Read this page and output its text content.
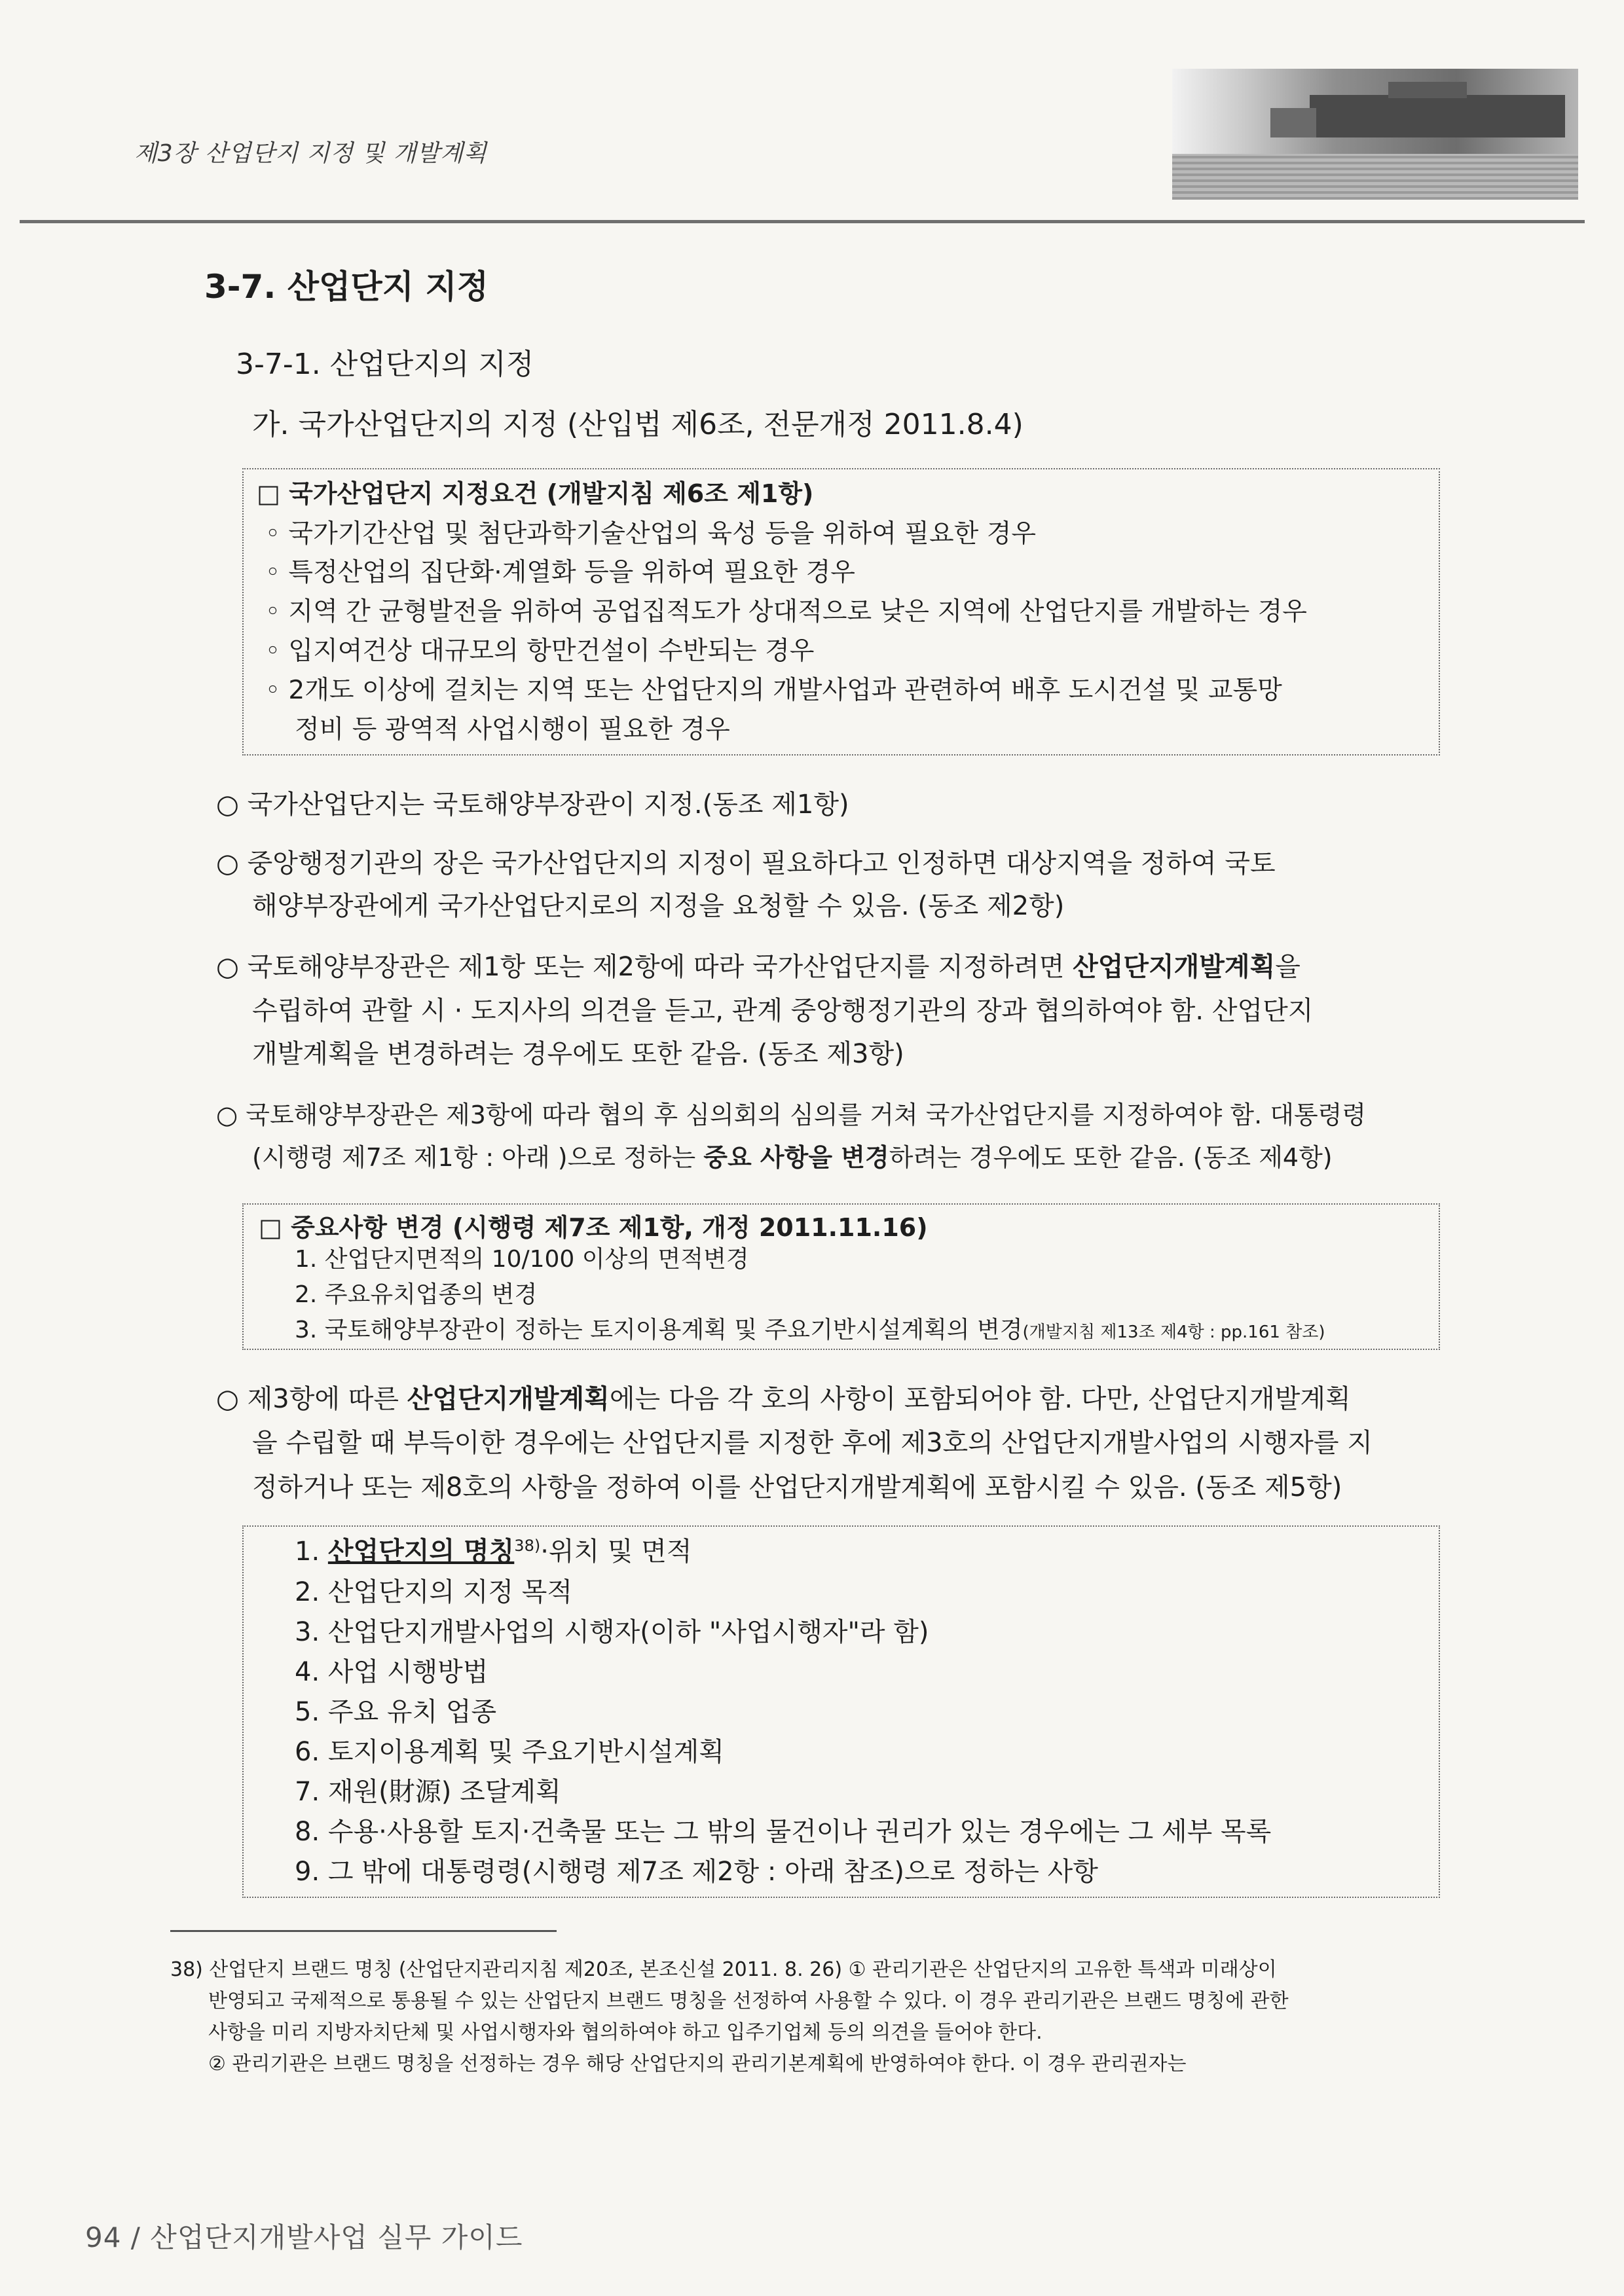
제3장 산업단지 지정 및 개발계획
3-7. 산업단지 지정
3-7-1. 산업단지의 지정
가. 국가산업단지의 지정 (산입법 제6조, 전문개정 2011.8.4)
□ 국가산업단지 지정요건 (개발지침 제6조 제1항)
◦ 국가기간산업 및 첨단과학기술산업의 육성 등을 위하여 필요한 경우
◦ 특정산업의 집단화·계열화 등을 위하여 필요한 경우
◦ 지역 간 균형발전을 위하여 공업집적도가 상대적으로 낮은 지역에 산업단지를 개발하는 경우
◦ 입지여건상 대규모의 항만건설이 수반되는 경우
◦ 2개도 이상에 걸치는 지역 또는 산업단지의 개발사업과 관련하여 배후 도시건설 및 교통망
정비 등 광역적 사업시행이 필요한 경우
○ 국가산업단지는 국토해양부장관이 지정.(동조 제1항)
○ 중앙행정기관의 장은 국가산업단지의 지정이 필요하다고 인정하면 대상지역을 정하여 국토
해양부장관에게 국가산업단지로의 지정을 요청할 수 있음. (동조 제2항)
○ 국토해양부장관은 제1항 또는 제2항에 따라 국가산업단지를 지정하려면 산업단지개발계획을
수립하여 관할 시 · 도지사의 의견을 듣고, 관계 중앙행정기관의 장과 협의하여야 함. 산업단지
개발계획을 변경하려는 경우에도 또한 같음. (동조 제3항)
○ 국토해양부장관은 제3항에 따라 협의 후 심의회의 심의를 거쳐 국가산업단지를 지정하여야 함. 대통령령
(시행령 제7조 제1항 : 아래 )으로 정하는 중요 사항을 변경하려는 경우에도 또한 같음. (동조 제4항)
□ 중요사항 변경 (시행령 제7조 제1항, 개정 2011.11.16)
1. 산업단지면적의 10/100 이상의 면적변경
2. 주요유치업종의 변경
3. 국토해양부장관이 정하는 토지이용계획 및 주요기반시설계획의 변경(개발지침 제13조 제4항 : pp.161 참조)
○ 제3항에 따른 산업단지개발계획에는 다음 각 호의 사항이 포함되어야 함. 다만, 산업단지개발계획
을 수립할 때 부득이한 경우에는 산업단지를 지정한 후에 제3호의 산업단지개발사업의 시행자를 지
정하거나 또는 제8호의 사항을 정하여 이를 산업단지개발계획에 포함시킬 수 있음. (동조 제5항)
1. 산업단지의 명칭$^{38)}$·위치 및 면적
2. 산업단지의 지정 목적
3. 산업단지개발사업의 시행자(이하 "사업시행자"라 함)
4. 사업 시행방법
5. 주요 유치 업종
6. 토지이용계획 및 주요기반시설계획
7. 재원(財源) 조달계획
8. 수용·사용할 토지·건축물 또는 그 밖의 물건이나 권리가 있는 경우에는 그 세부 목록
9. 그 밖에 대통령령(시행령 제7조 제2항 : 아래 참조)으로 정하는 사항
38) 산업단지 브랜드 명칭 (산업단지관리지침 제20조, 본조신설 2011. 8. 26) ① 관리기관은 산업단지의 고유한 특색과 미래상이
반영되고 국제적으로 통용될 수 있는 산업단지 브랜드 명칭을 선정하여 사용할 수 있다. 이 경우 관리기관은 브랜드 명칭에 관한
사항을 미리 지방자치단체 및 사업시행자와 협의하여야 하고 입주기업체 등의 의견을 들어야 한다.
② 관리기관은 브랜드 명칭을 선정하는 경우 해당 산업단지의 관리기본계획에 반영하여야 한다. 이 경우 관리권자는
94 / 산업단지개발사업 실무 가이드
